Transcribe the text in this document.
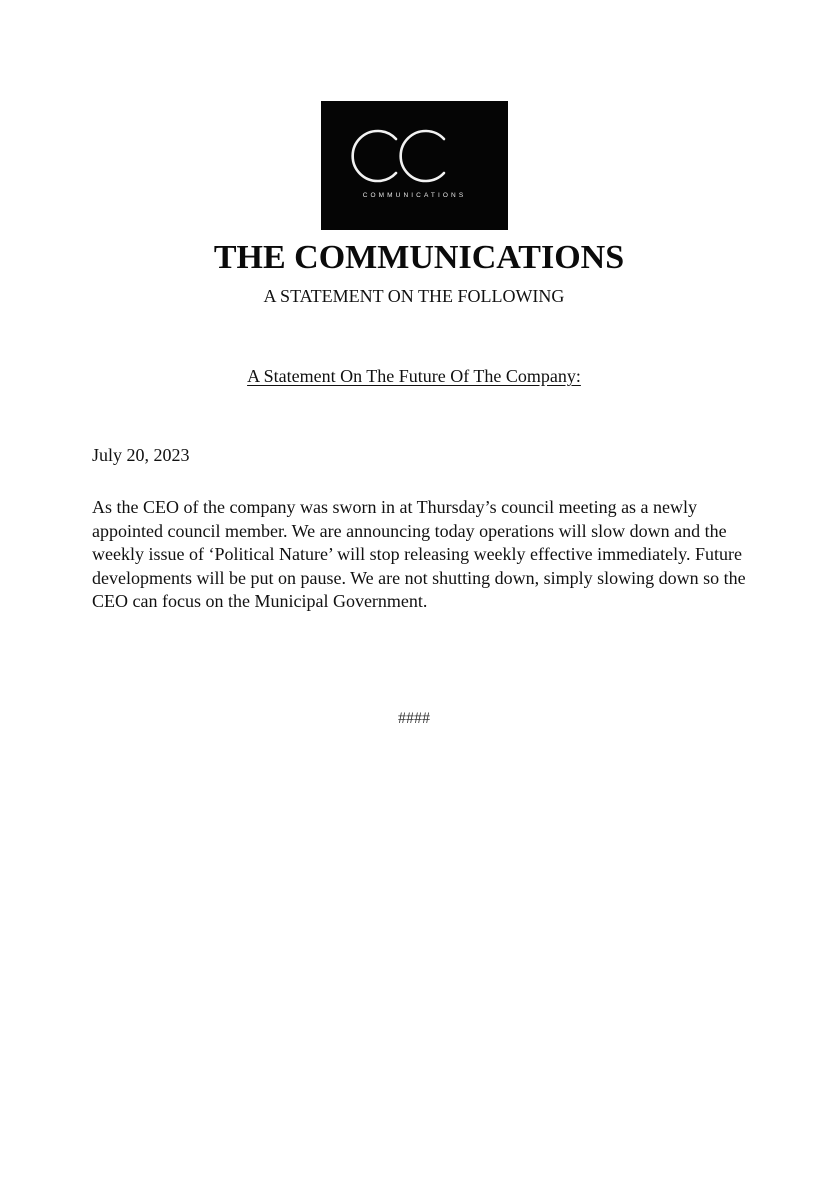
COMMUNICATIONS
THE COMMUNICATIONS
A STATEMENT ON THE FOLLOWING
A Statement On The Future Of The Company:
July 20, 2023
As the CEO of the company was sworn in at Thursday’s council meeting as a newly appointed council member. We are announcing today operations will slow down and the weekly issue of ‘Political Nature’ will stop releasing weekly effective immediately. Future developments will be put on pause. We are not shutting down, simply slowing down so the CEO can focus on the Municipal Government.
####
